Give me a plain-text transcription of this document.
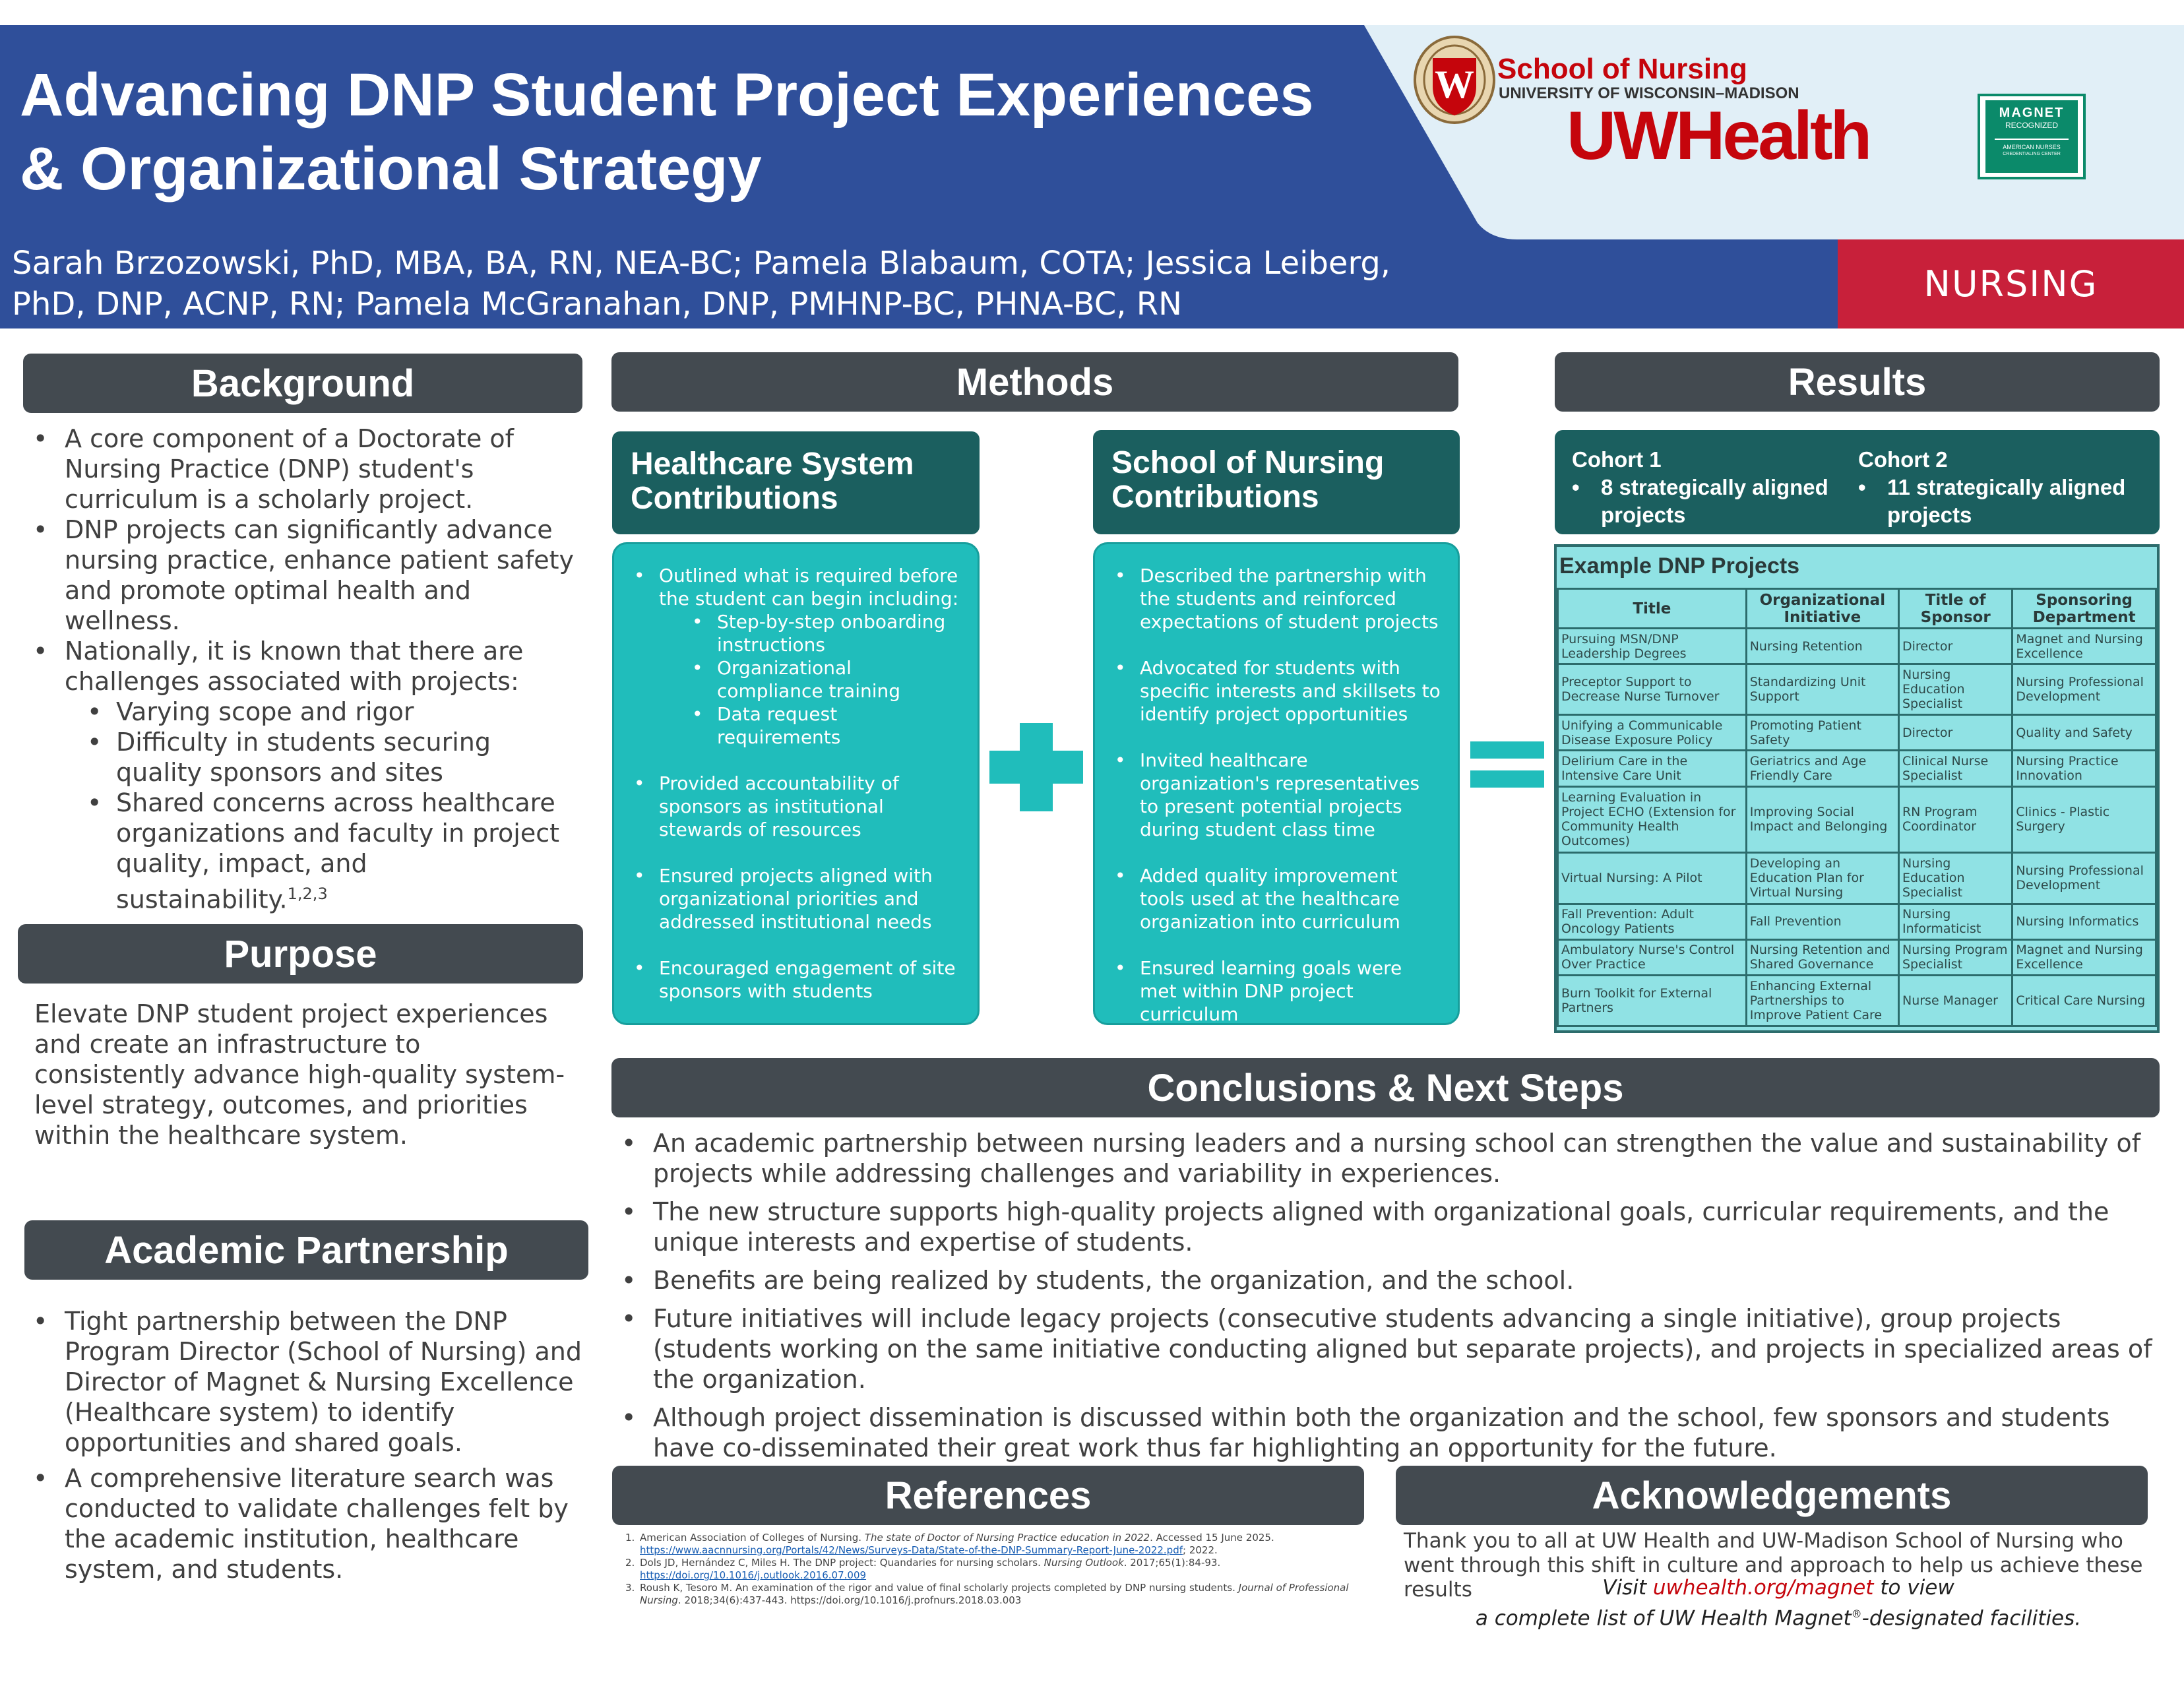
Advancing DNP Student Project Experiences
& Organizational Strategy
Sarah Brzozowski, PhD, MBA, BA, RN, NEA-BC; Pamela Blabaum, COTA; Jessica Leiberg,
PhD, DNP, ACNP, RN; Pamela McGranahan, DNP, PMHNP-BC, PHNA-BC, RN
W School of Nursing
UNIVERSITY OF WISCONSIN–MADISON
UWHealth	MAGNET
RECOGNIZED
AMERICAN NURSES
CREDENTIALING CENTER
NURSING
Background
• A core component of a Doctorate of Nursing Practice (DNP) student's curriculum is a scholarly project.
• DNP projects can significantly advance nursing practice, enhance patient safety and promote optimal health and wellness.
• Nationally, it is known that there are challenges associated with projects:
• Varying scope and rigor
• Difficulty in students securing quality sponsors and sites
• Shared concerns across healthcare organizations and faculty in project quality, impact, and sustainability.$^{1,2,3}$
Purpose
Elevate DNP student project experiences and create an infrastructure to consistently advance high-quality system-level strategy, outcomes, and priorities within the healthcare system.
Academic Partnership
• Tight partnership between the DNP Program Director (School of Nursing) and Director of Magnet & Nursing Excellence (Healthcare system) to identify opportunities and shared goals.
• A comprehensive literature search was conducted to validate challenges felt by the academic institution, healthcare system, and students.
Methods
Healthcare System Contributions
• Outlined what is required before the student can begin including:
• Step-by-step onboarding instructions
• Organizational compliance training
• Data request requirements
• Provided accountability of sponsors as institutional stewards of resources
• Ensured projects aligned with organizational priorities and addressed institutional needs
• Encouraged engagement of site sponsors with students
School of Nursing Contributions
• Described the partnership with the students and reinforced expectations of student projects
• Advocated for students with specific interests and skillsets to identify project opportunities
• Invited healthcare organization's representatives to present potential projects during student class time
• Added quality improvement tools used at the healthcare organization into curriculum
• Ensured learning goals were met within DNP project curriculum
Results
Cohort 1
• 8 strategically aligned projects
Cohort 2
• 11 strategically aligned projects
Example DNP Projects
Title	Organizational Initiative	Title of Sponsor	Sponsoring Department
Pursuing MSN/DNP Leadership Degrees	Nursing Retention	Director	Magnet and Nursing Excellence
Preceptor Support to Decrease Nurse Turnover	Standardizing Unit Support	Nursing Education Specialist	Nursing Professional Development
Unifying a Communicable Disease Exposure Policy	Promoting Patient Safety	Director	Quality and Safety
Delirium Care in the Intensive Care Unit	Geriatrics and Age Friendly Care	Clinical Nurse Specialist	Nursing Practice Innovation
Learning Evaluation in Project ECHO (Extension for Community Health Outcomes)	Improving Social Impact and Belonging	RN Program Coordinator	Clinics - Plastic Surgery
Virtual Nursing: A Pilot	Developing an Education Plan for Virtual Nursing	Nursing Education Specialist	Nursing Professional Development
Fall Prevention: Adult Oncology Patients	Fall Prevention	Nursing Informaticist	Nursing Informatics
Ambulatory Nurse's Control Over Practice	Nursing Retention and Shared Governance	Nursing Program Specialist	Magnet and Nursing Excellence
Burn Toolkit for External Partners	Enhancing External Partnerships to Improve Patient Care	Nurse Manager	Critical Care Nursing
Conclusions & Next Steps
• An academic partnership between nursing leaders and a nursing school can strengthen the value and sustainability of projects while addressing challenges and variability in experiences.
• The new structure supports high-quality projects aligned with organizational goals, curricular requirements, and the unique interests and expertise of students.
• Benefits are being realized by students, the organization, and the school.
• Future initiatives will include legacy projects (consecutive students advancing a single initiative), group projects (students working on the same initiative conducting aligned but separate projects), and projects in specialized areas of the organization.
• Although project dissemination is discussed within both the organization and the school, few sponsors and students have co-disseminated their great work thus far highlighting an opportunity for the future.
References
1. American Association of Colleges of Nursing. The state of Doctor of Nursing Practice education in 2022. Accessed 15 June 2025.
https://www.aacnnursing.org/Portals/42/News/Surveys-Data/State-of-the-DNP-Summary-Report-June-2022.pdf; 2022.
2. Dols JD, Hernández C, Miles H. The DNP project: Quandaries for nursing scholars. Nursing Outlook. 2017;65(1):84-93.
https://doi.org/10.1016/j.outlook.2016.07.009
3. Roush K, Tesoro M. An examination of the rigor and value of final scholarly projects completed by DNP nursing students. Journal of Professional Nursing. 2018;34(6):437-443. https://doi.org/10.1016/j.profnurs.2018.03.003
Acknowledgements
Thank you to all at UW Health and UW-Madison School of Nursing who went through this shift in culture and approach to help us achieve these results	Visit uwhealth.org/magnet to view
a complete list of UW Health Magnet®-designated facilities.
